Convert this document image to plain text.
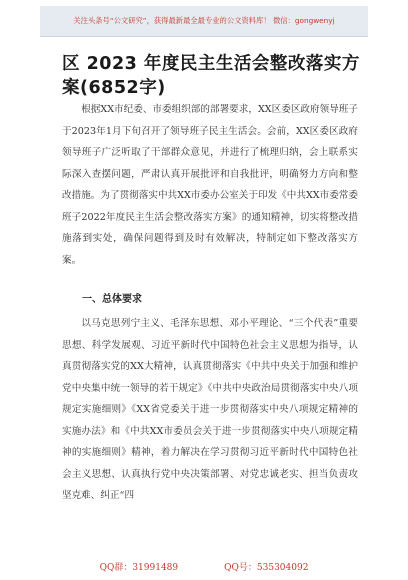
关注头条号“公文研究”，获得最新最全最专业的公文资料库！ 微信：gongwenyj
区 2023 年度民主生活会整改落实方案(6852字)
根据XX市纪委、市委组织部的部署要求，XX区委区政府领导班子于2023年1月下旬召开了领导班子民主生活会。会前，XX区委区政府领导班子广泛听取了干部群众意见，并进行了梳理归纳，会上联系实际深入查摆问题，严肃认真开展批评和自我批评，明确努力方向和整改措施。为了贯彻落实中共XX市委办公室关于印发《中共XX市委常委班子2022年度民主生活会整改落实方案》的通知精神，切实将整改措施落到实处，确保问题得到及时有效解决，特制定如下整改落实方案。
一、总体要求
以马克思列宁主义、毛泽东思想、邓小平理论、“三个代表”重要思想、科学发展观、习近平新时代中国特色社会主义思想为指导，认真贯彻落实党的XX大精神，认真贯彻落实《中共中央关于加强和维护党中央集中统一领导的若干规定》《中共中央政治局贯彻落实中央八项规定实施细则》《XX省党委关于进一步贯彻落实中央八项规定精神的实施办法》和《中共XX市委员会关于进一步贯彻落实中央八项规定精神的实施细则》精神，着力解决在学习贯彻习近平新时代中国特色社会主义思想、认真执行党中央决策部署、对党忠诚老实、担当负责攻坚克难、纠正“四
QQ群：31991489	QQ号：535304092
